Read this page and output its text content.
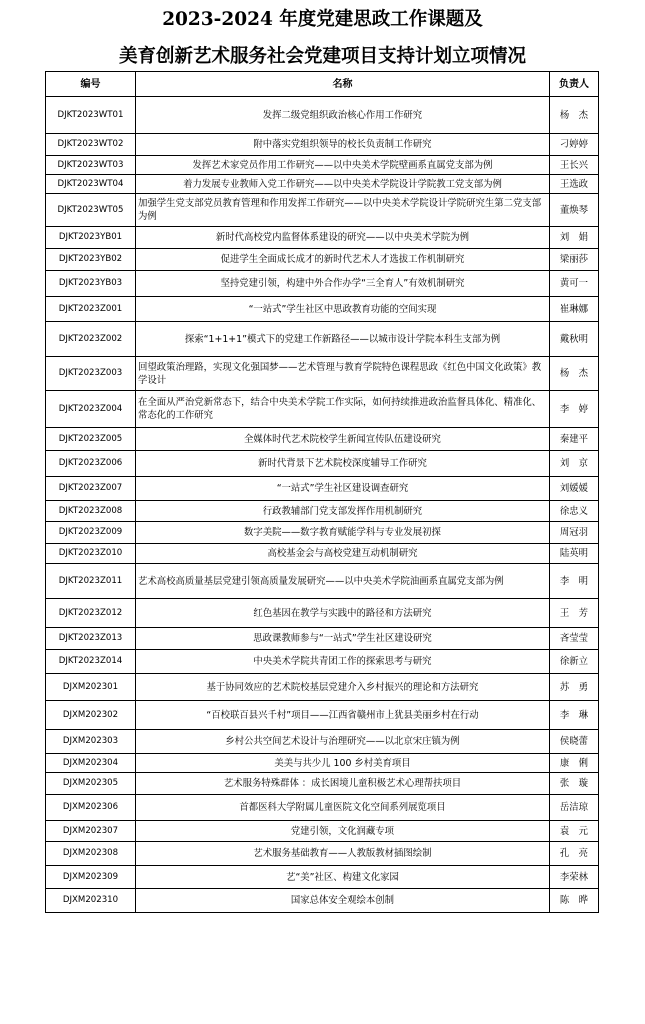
2023-2024 年度党建思政工作课题及
美育创新艺术服务社会党建项目支持计划立项情况
编号	名称	负责人
DJKT2023WT01	发挥二级党组织政治核心作用工作研究	杨　杰
DJKT2023WT02	附中落实党组织领导的校长负责制工作研究	刁婷婷
DJKT2023WT03	发挥艺术家党员作用工作研究——以中央美术学院壁画系直属党支部为例	王长兴
DJKT2023WT04	着力发展专业教师入党工作研究——以中央美术学院设计学院教工党支部为例	王选政
DJKT2023WT05	加强学生党支部党员教育管理和作用发挥工作研究——以中央美术学院设计学院研究生第二党支部为例	董焕琴
DJKT2023YB01	新时代高校党内监督体系建设的研究——以中央美术学院为例	刘　娟
DJKT2023YB02	促进学生全面成长成才的新时代艺术人才选拔工作机制研究	梁丽莎
DJKT2023YB03	坚持党建引领，构建中外合作办学“三全育人”有效机制研究	黄可一
DJKT2023Z001	“一站式”学生社区中思政教育功能的空间实现	崔琳娜
DJKT2023Z002	探索“1+1+1”模式下的党建工作新路径——以城市设计学院本科生支部为例	戴秋明
DJKT2023Z003	回望政策治理路，实现文化强国梦——艺术管理与教育学院特色课程思政《红色中国文化政策》教学设计	杨　杰
DJKT2023Z004	在全面从严治党新常态下，结合中央美术学院工作实际，如何持续推进政治监督具体化、精准化、常态化的工作研究	李　婷
DJKT2023Z005	全媒体时代艺术院校学生新闻宣传队伍建设研究	秦建平
DJKT2023Z006	新时代背景下艺术院校深度辅导工作研究	刘　京
DJKT2023Z007	“一站式”学生社区建设调查研究	刘媛媛
DJKT2023Z008	行政教辅部门党支部发挥作用机制研究	徐忠义
DJKT2023Z009	数字美院——数字教育赋能学科与专业发展初探	周冠羽
DJKT2023Z010	高校基金会与高校党建互动机制研究	陆英明
DJKT2023Z011	艺术高校高质量基层党建引领高质量发展研究——以中央美术学院油画系直属党支部为例	李　明
DJKT2023Z012	红色基因在教学与实践中的路径和方法研究	王　芳
DJKT2023Z013	思政课教师参与“一站式”学生社区建设研究	吝莹莹
DJKT2023Z014	中央美术学院共青团工作的探索思考与研究	徐新立
DJXM202301	基于协同效应的艺术院校基层党建介入乡村振兴的理论和方法研究	苏　勇
DJXM202302	“百校联百县兴千村”项目——江西省赣州市上犹县美丽乡村在行动	李　琳
DJXM202303	乡村公共空间艺术设计与治理研究——以北京宋庄镇为例	侯晓蕾
DJXM202304	美美与共少儿 100 乡村美育项目	康　俐
DJXM202305	艺术服务特殊群体 ：成长困境儿童积极艺术心理帮扶项目	张　璇
DJXM202306	首都医科大学附属儿童医院文化空间系列展览项目	岳洁琼
DJXM202307	党建引领，文化润藏专项	袁　元
DJXM202308	艺术服务基础教育——人教版教材插图绘制	孔　亮
DJXM202309	艺“美”社区、构建文化家园	李荣林
DJXM202310	国家总体安全观绘本创制	陈　晔
